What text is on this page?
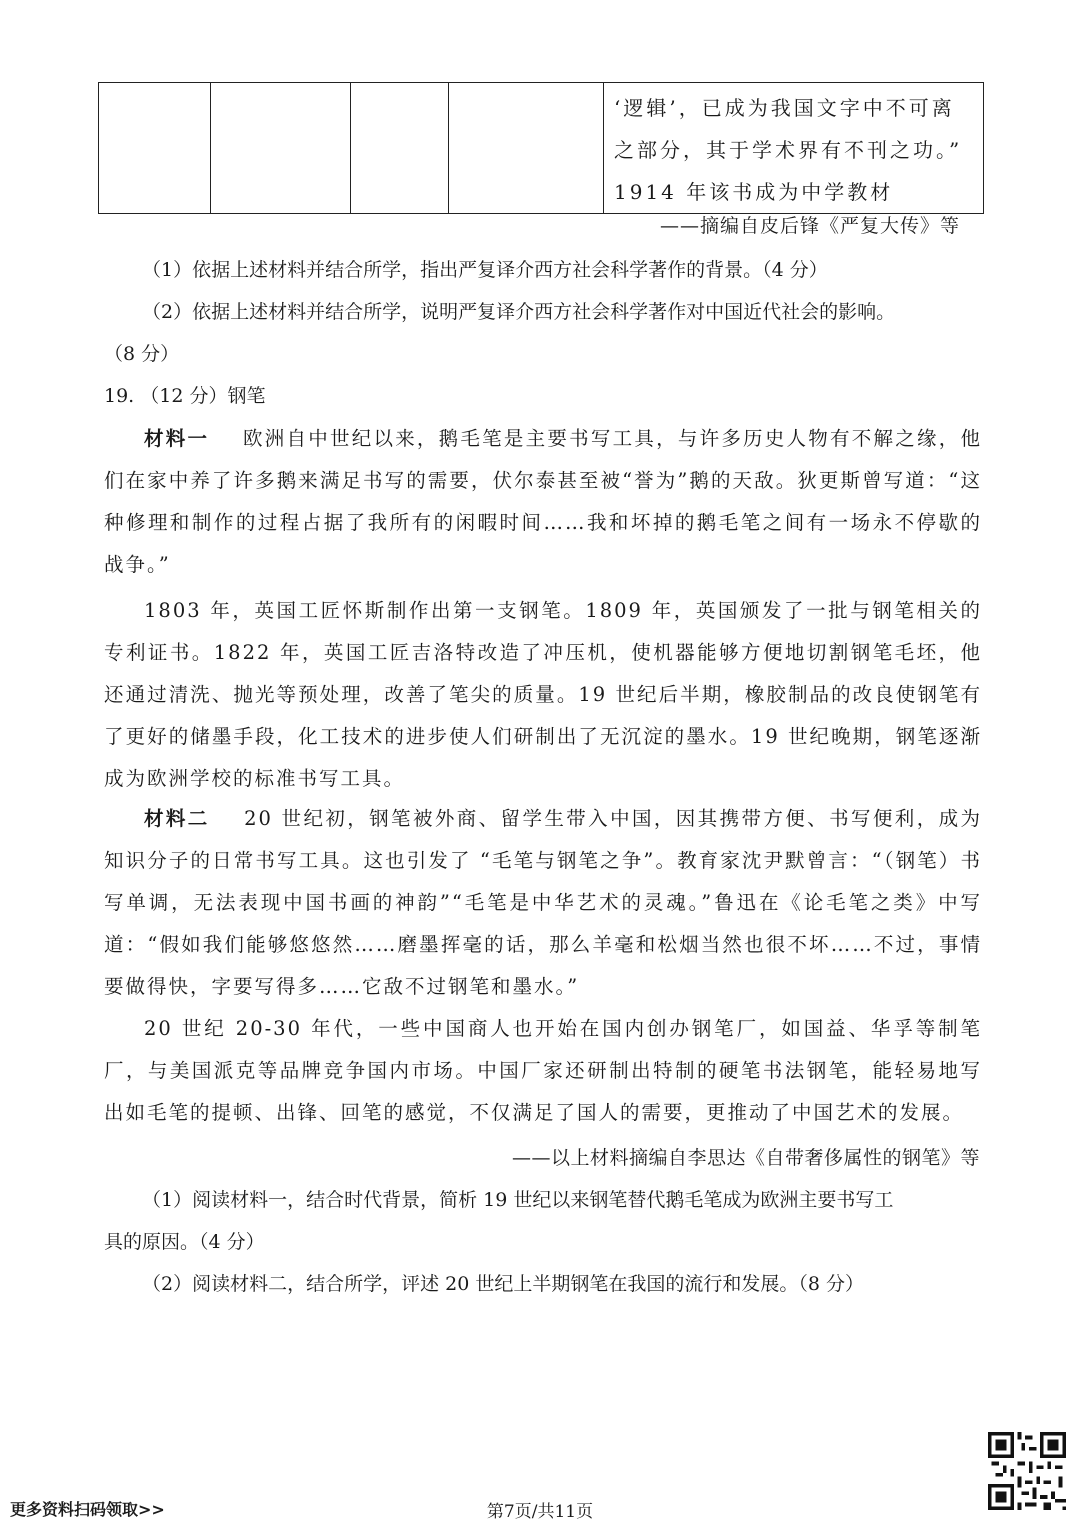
‘逻辑’，已成为我国文字中不可离
之部分，其于学术界有不刊之功。”
1914 年该书成为中学教材
——摘编自皮后锋《严复大传》等
（1）依据上述材料并结合所学，指出严复译介西方社会科学著作的背景。（4 分）
（2）依据上述材料并结合所学，说明严复译介西方社会科学著作对中国近代社会的影响。
（8 分）
19. （12 分）钢笔
材料一 欧洲自中世纪以来，鹅毛笔是主要书写工具，与许多历史人物有不解之缘，他们在家中养了许多鹅来满足书写的需要，伏尔泰甚至被“誉为”鹅的天敌。狄更斯曾写道：“这种修理和制作的过程占据了我所有的闲暇时间……我和坏掉的鹅毛笔之间有一场永不停歇的战争。”
1803 年，英国工匠怀斯制作出第一支钢笔。1809 年，英国颁发了一批与钢笔相关的专利证书。1822 年，英国工匠吉洛特改造了冲压机，使机器能够方便地切割钢笔毛坯，他还通过清洗、抛光等预处理，改善了笔尖的质量。19 世纪后半期，橡胶制品的改良使钢笔有了更好的储墨手段，化工技术的进步使人们研制出了无沉淀的墨水。19 世纪晚期，钢笔逐渐成为欧洲学校的标准书写工具。
材料二 20 世纪初，钢笔被外商、留学生带入中国，因其携带方便、书写便利，成为知识分子的日常书写工具。这也引发了 “毛笔与钢笔之争”。教育家沈尹默曾言：“（钢笔）书写单调，无法表现中国书画的神韵”“毛笔是中华艺术的灵魂。”鲁迅在《论毛笔之类》中写道：“假如我们能够悠悠然……磨墨挥毫的话，那么羊毫和松烟当然也很不坏……不过，事情要做得快，字要写得多……它敌不过钢笔和墨水。”
20 世纪 20-30 年代，一些中国商人也开始在国内创办钢笔厂，如国益、华孚等制笔厂，与美国派克等品牌竞争国内市场。中国厂家还研制出特制的硬笔书法钢笔，能轻易地写出如毛笔的提顿、出锋、回笔的感觉，不仅满足了国人的需要，更推动了中国艺术的发展。
——以上材料摘编自李思达《自带奢侈属性的钢笔》等
（1）阅读材料一，结合时代背景，简析 19 世纪以来钢笔替代鹅毛笔成为欧洲主要书写工
具的原因。（4 分）
（2）阅读材料二，结合所学，评述 20 世纪上半期钢笔在我国的流行和发展。（8 分）
更多资料扫码领取>>	第7页/共11页
